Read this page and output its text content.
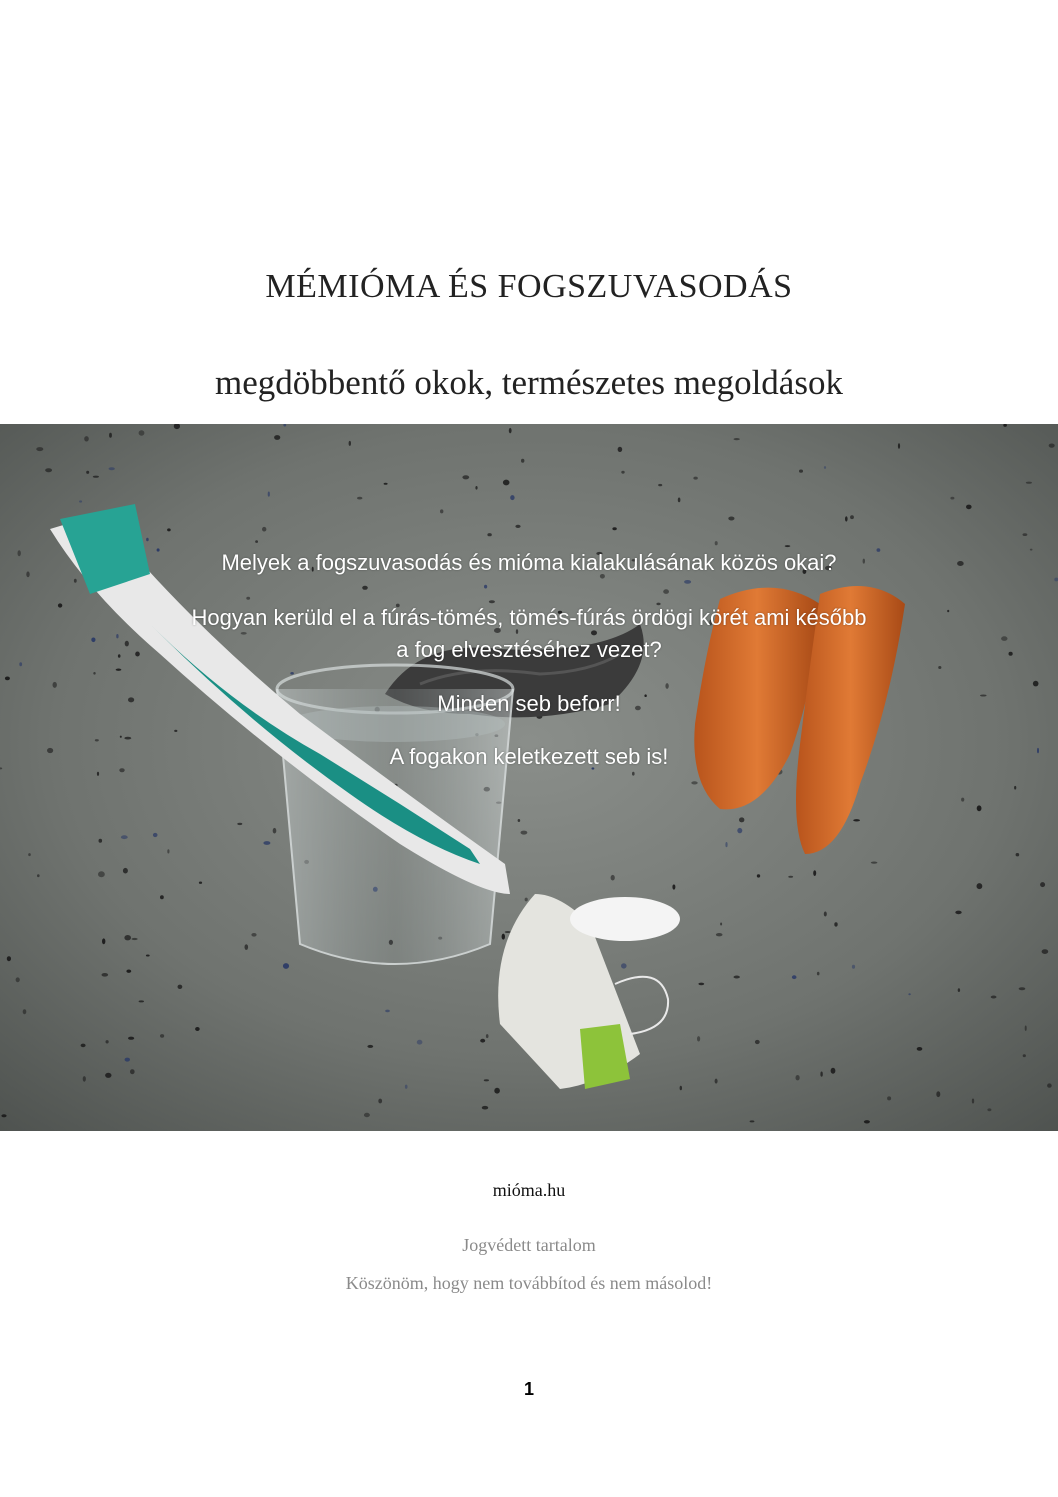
MÉMIÓMA ÉS FOGSZUVASODÁS
megdöbbentő okok, természetes megoldások
Melyek a fogszuvasodás és mióma kialakulásának közös okai?
Hogyan kerüld el a fúrás-tömés, tömés-fúrás ördögi körét ami később
a fog elvesztéséhez vezet?
Minden seb beforr!
A fogakon keletkezett seb is!
mióma.hu
Jogvédett tartalom
Köszönöm, hogy nem továbbítod és nem másolod!
1
